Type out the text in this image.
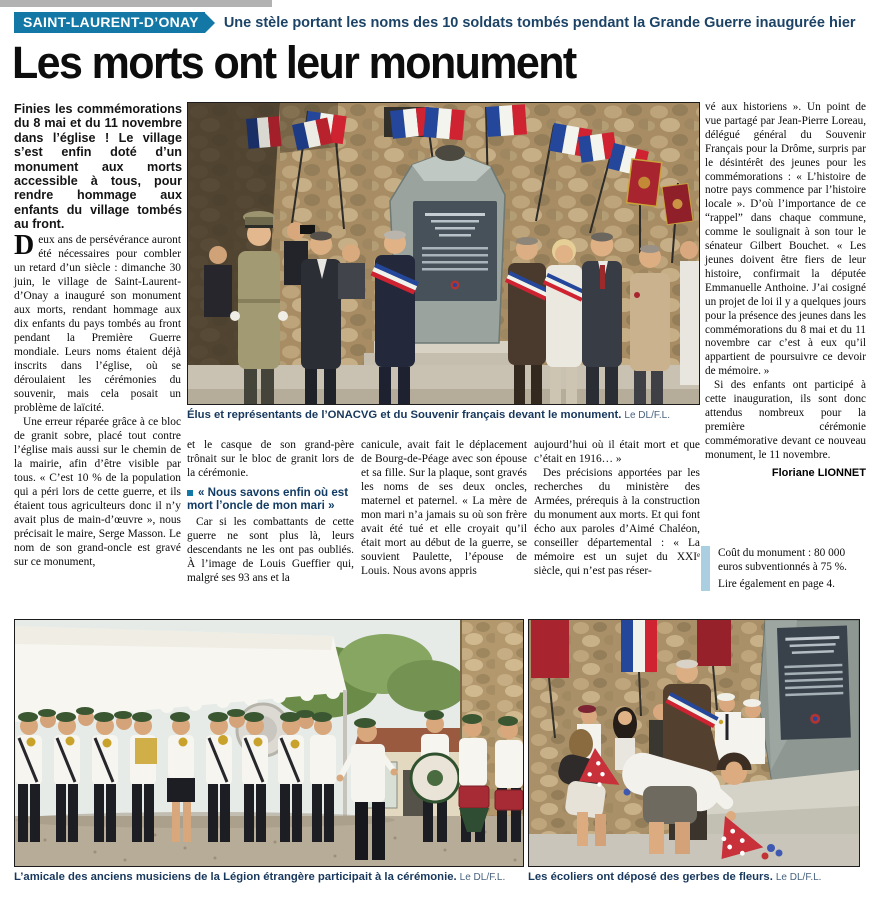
SAINT-LAURENT-D’ONAY	Une stèle portant les noms des 10 soldats tombés pendant la Grande Guerre inaugurée hier
Les morts ont leur monument

Finies les commémorations du 8 mai et du 11 novembre dans l’église ! Le village s’est enfin doté d’un monument aux morts accessible à tous, pour rendre hommage aux enfants du village tombés au front.

Deux ans de persévérance auront été nécessaires pour combler un retard d’un siècle : dimanche 30 juin, le village de Saint-Laurent-d’Onay a inauguré son monument aux morts, rendant hommage aux dix enfants du pays tombés au front pendant la Première Guerre mondiale. Leurs noms étaient déjà inscrits dans l’église, où se déroulaient les cérémonies du souvenir, mais cela posait un problème de laïcité.

Une erreur réparée grâce à ce bloc de granit sobre, placé tout contre l’église mais aussi sur le chemin de la mairie, afin d’être visible par tous. « C’est 10 % de la population qui a péri lors de cette guerre, et ils étaient tous agriculteurs donc il n’y avait plus de main-d’œuvre », nous précisait le maire, Serge Masson. Le nom de son grand-oncle est gravé sur ce monument,

Élus et représentants de l’ONACVG et du Souvenir français devant le monument. Le DL/F.L.

et le casque de son grand-père trônait sur le bloc de granit lors de la cérémonie.

« Nous savons enfin où est mort l’oncle de mon mari »

Car si les combattants de cette guerre ne sont plus là, leurs descendants ne les ont pas oubliés. À l’image de Louis Gueffier qui, malgré ses 93 ans et la

canicule, avait fait le déplacement de Bourg-de-Péage avec son épouse et sa fille. Sur la plaque, sont gravés les noms de ses deux oncles, maternel et paternel. « La mère de mon mari n’a jamais su où son frère avait été tué et elle croyait qu’il était mort au début de la guerre, se souvient Paulette, l’épouse de Louis. Nous avons appris

aujourd’hui où il était mort et que c’était en 1916… »

Des précisions apportées par les recherches du ministère des Armées, prérequis à la construction du monument aux morts. Et qui font écho aux paroles d’Aimé Chaléon, conseiller départemental : « La mémoire est un sujet du XXIᵉ siècle, qui n’est pas réser-

vé aux historiens ». Un point de vue partagé par Jean-Pierre Loreau, délégué général du Souvenir Français pour la Drôme, surpris par le désintérêt des jeunes pour les commémorations : « L’histoire de notre pays commence par l’histoire locale ». D’où l’importance de ce “rappel” dans chaque commune, comme le soulignait à son tour le sénateur Gilbert Bouchet. « Les jeunes doivent être fiers de leur histoire, confirmait la députée Emmanuelle Anthoine. J’ai cosigné un projet de loi il y a quelques jours pour la présence des jeunes dans les commémorations du 8 mai et du 11 novembre car c’est à eux qu’il appartient de poursuivre ce devoir de mémoire. »

Si des enfants ont participé à cette inauguration, ils sont donc attendus nombreux pour la première cérémonie commémorative devant ce nouveau monument, le 11 novembre.

Floriane LIONNET

Coût du monument : 80 000 euros subventionnés à 75 %.

Lire également en page 4.

L’amicale des anciens musiciens de la Légion étrangère participait à la cérémonie. Le DL/F.L.	Les écoliers ont déposé des gerbes de fleurs. Le DL/F.L.
